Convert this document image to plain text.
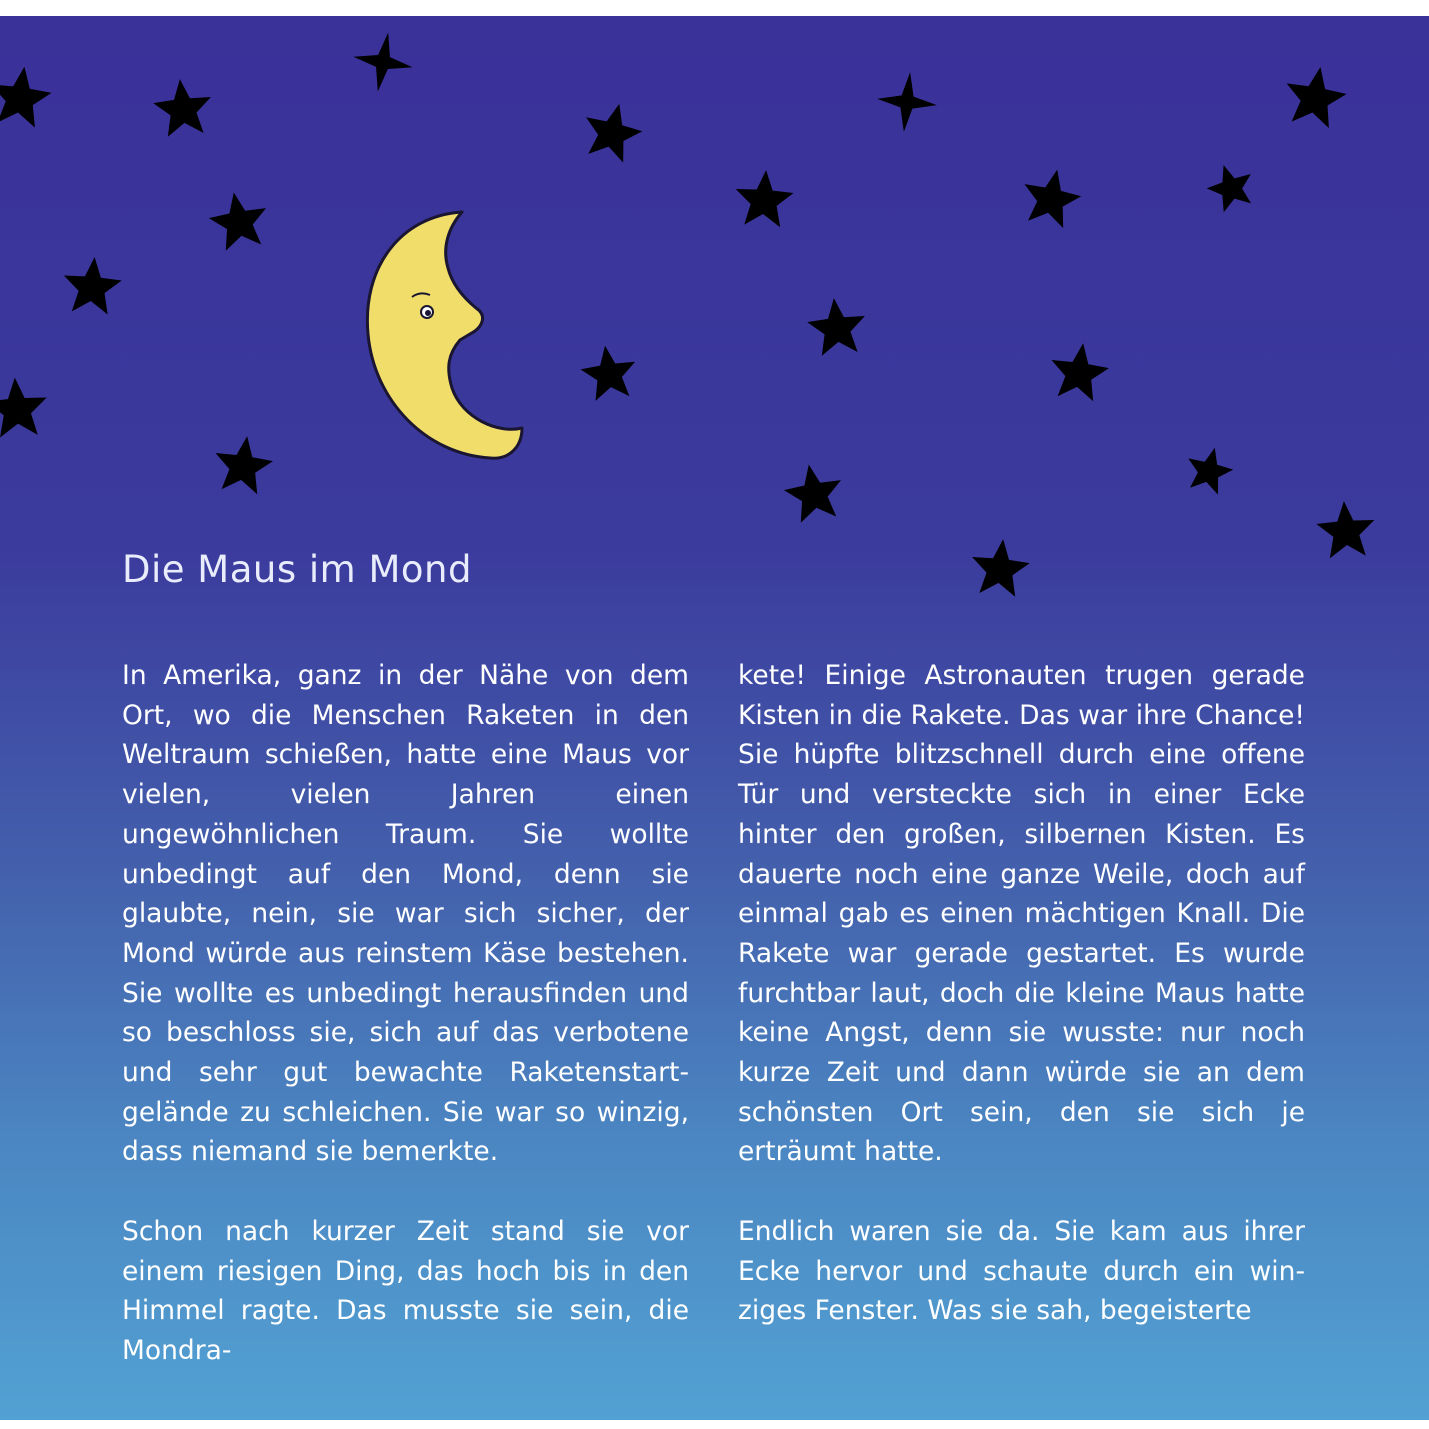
Die Maus im Mond

In Amerika, ganz in der Nähe von dem Ort, wo die Menschen Raketen in den Weltraum schießen, hatte eine Maus vor vielen, vielen Jahren einen ungewöhnlichen Traum. Sie wollte unbedingt auf den Mond, denn sie glaubte, nein, sie war sich sicher, der Mond würde aus reinstem Käse bestehen. Sie wollte es unbedingt herausfinden und so beschloss sie, sich auf das verbotene und sehr gut bewachte Raketenstartgelände zu schleichen. Sie war so winzig, dass niemand sie bemerkte.

Schon nach kurzer Zeit stand sie vor einem riesigen Ding, das hoch bis in den Himmel ragte. Das musste sie sein, die Mondra-

kete! Einige Astronauten trugen gerade Kisten in die Rakete. Das war ihre Chance! Sie hüpfte blitzschnell durch eine offene Tür und versteckte sich in einer Ecke hinter den großen, silbernen Kisten. Es dauerte noch eine ganze Weile, doch auf einmal gab es einen mächtigen Knall. Die Rakete war gerade gestartet. Es wurde furchtbar laut, doch die kleine Maus hatte keine Angst, denn sie wusste: nur noch kurze Zeit und dann würde sie an dem schönsten Ort sein, den sie sich je erträumt hatte.

Endlich waren sie da. Sie kam aus ihrer Ecke hervor und schaute durch ein winziges Fenster. Was sie sah, begeisterte
